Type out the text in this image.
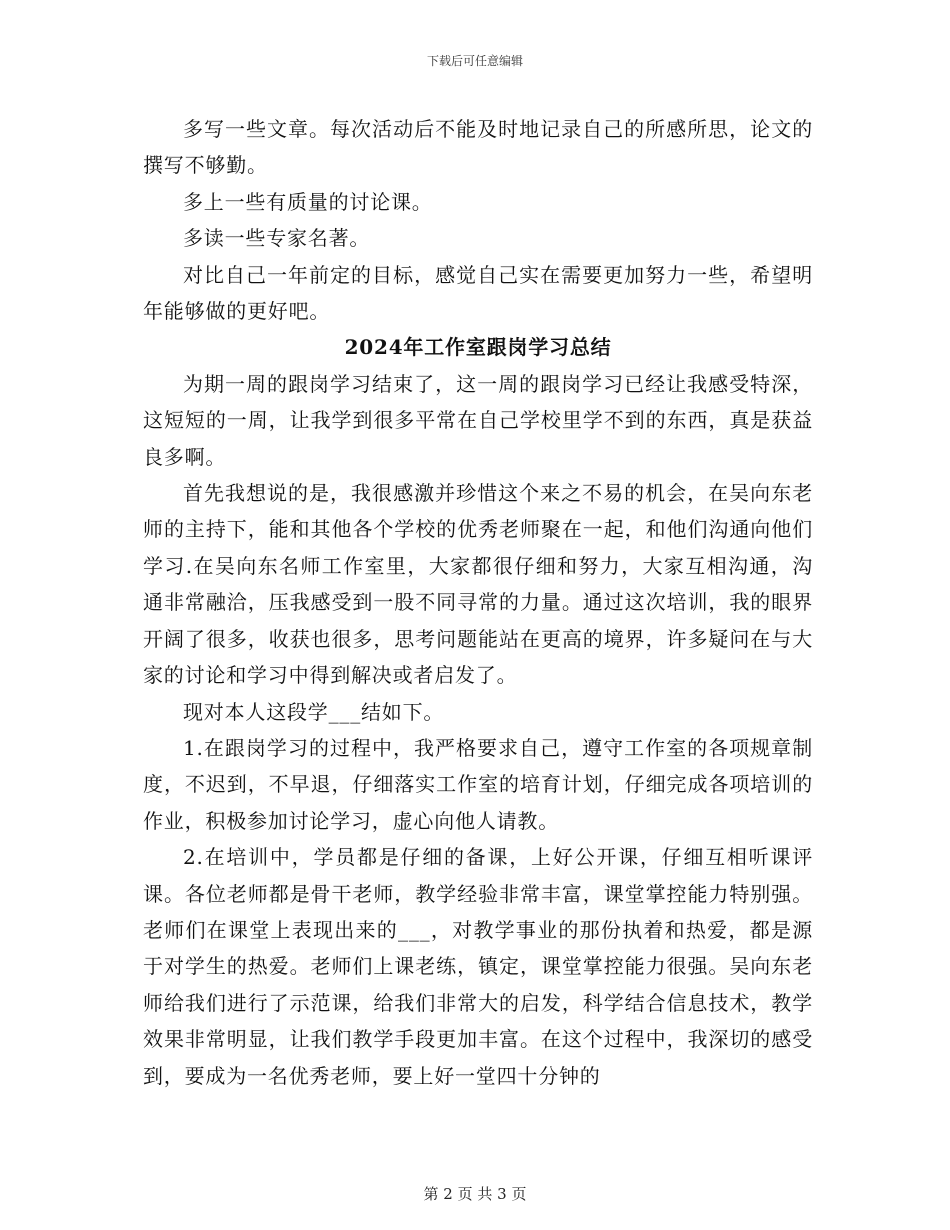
下载后可任意编辑

多写一些文章。每次活动后不能及时地记录自己的所感所思，论文的撰写不够勤。

多上一些有质量的讨论课。

多读一些专家名著。

对比自己一年前定的目标，感觉自己实在需要更加努力一些，希望明年能够做的更好吧。

2024年工作室跟岗学习总结

为期一周的跟岗学习结束了，这一周的跟岗学习已经让我感受特深，这短短的一周，让我学到很多平常在自己学校里学不到的东西，真是获益良多啊。

首先我想说的是，我很感激并珍惜这个来之不易的机会，在吴向东老师的主持下，能和其他各个学校的优秀老师聚在一起，和他们沟通向他们学习.在吴向东名师工作室里，大家都很仔细和努力，大家互相沟通，沟通非常融洽，压我感受到一股不同寻常的力量。通过这次培训，我的眼界开阔了很多，收获也很多，思考问题能站在更高的境界，许多疑问在与大家的讨论和学习中得到解决或者启发了。

现对本人这段学___结如下。

1.在跟岗学习的过程中，我严格要求自己，遵守工作室的各项规章制度，不迟到，不早退，仔细落实工作室的培育计划，仔细完成各项培训的作业，积极参加讨论学习，虚心向他人请教。

2.在培训中，学员都是仔细的备课，上好公开课，仔细互相听课评课。各位老师都是骨干老师，教学经验非常丰富，课堂掌控能力特别强。老师们在课堂上表现出来的___，对教学事业的那份执着和热爱，都是源于对学生的热爱。老师们上课老练，镇定，课堂掌控能力很强。吴向东老师给我们进行了示范课，给我们非常大的启发，科学结合信息技术，教学效果非常明显，让我们教学手段更加丰富。在这个过程中，我深切的感受到，要成为一名优秀老师，要上好一堂四十分钟的

第 2 页 共 3 页
